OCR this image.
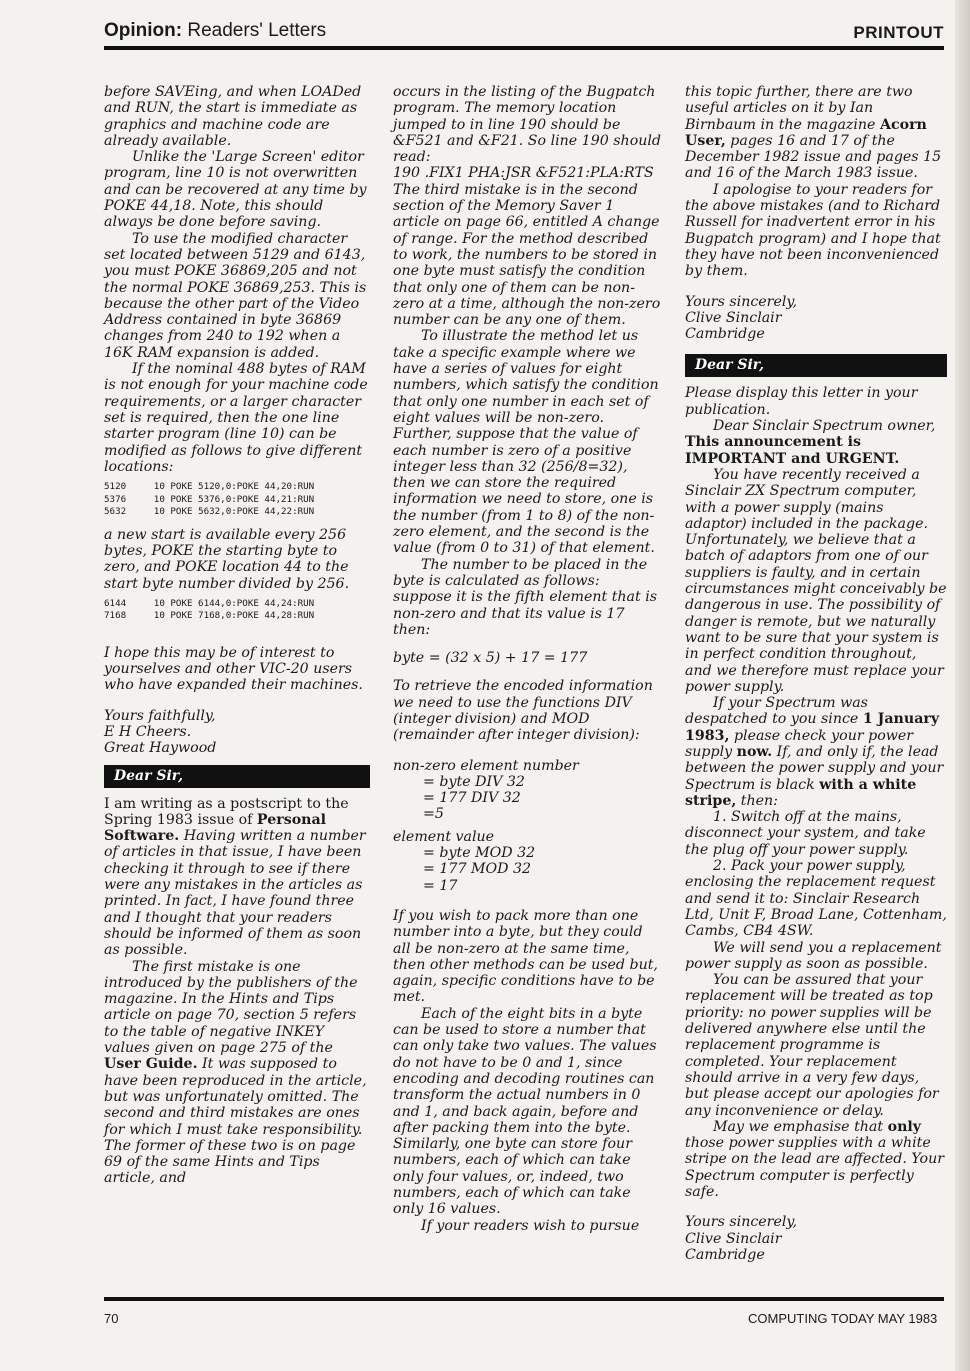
Opinion: Readers' Letters	PRINTOUT

before SAVEing, and when LOADed and RUN, the start is immediate as graphics and machine code are already available.

Unlike the 'Large Screen' editor program, line 10 is not overwritten and can be recovered at any time by POKE 44,18. Note, this should always be done before saving.

To use the modified character set located between 5129 and 6143, you must POKE 36869,205 and not the normal POKE 36869,253. This is because the other part of the Video Address contained in byte 36869 changes from 240 to 192 when a 16K RAM expansion is added.

If the nominal 488 bytes of RAM is not enough for your machine code requirements, or a larger character set is required, then the one line starter program (line 10) can be modified as follows to give different locations:

5120     10 POKE 5120,0:POKE 44,20:RUN
5376     10 POKE 5376,0:POKE 44,21:RUN
5632     10 POKE 5632,0:POKE 44,22:RUN

a new start is available every 256 bytes, POKE the starting byte to zero, and POKE location 44 to the start byte number divided by 256.

6144     10 POKE 6144,0:POKE 44,24:RUN
7168     10 POKE 7168,0:POKE 44,28:RUN

I hope this may be of interest to yourselves and other VIC-20 users who have expanded their machines.

Yours faithfully,

E H Cheers.

Great Haywood

Dear Sir,

I am writing as a postscript to the Spring 1983 issue of Personal Software. Having written a number of articles in that issue, I have been checking it through to see if there were any mistakes in the articles as printed. In fact, I have found three and I thought that your readers should be informed of them as soon as possible.

The first mistake is one introduced by the publishers of the magazine. In the Hints and Tips article on page 70, section 5 refers to the table of negative INKEY values given on page 275 of the User Guide. It was supposed to have been reproduced in the article, but was unfortunately omitted. The second and third mistakes are ones for which I must take responsibility. The former of these two is on page 69 of the same Hints and Tips article, and

occurs in the listing of the Bugpatch program. The memory location jumped to in line 190 should be &F521 and &F21. So line 190 should read:

190 .FIX1 PHA:JSR &F521:PLA:RTS

The third mistake is in the second section of the Memory Saver 1 article on page 66, entitled A change of range. For the method described to work, the numbers to be stored in one byte must satisfy the condition that only one of them can be non-zero at a time, although the non-zero number can be any one of them.

To illustrate the method let us take a specific example where we have a series of values for eight numbers, which satisfy the condition that only one number in each set of eight values will be non-zero. Further, suppose that the value of each number is zero of a positive integer less than 32 (256/8=32), then we can store the required information we need to store, one is the number (from 1 to 8) of the non-zero element, and the second is the value (from 0 to 31) of that element.

The number to be placed in the byte is calculated as follows: suppose it is the fifth element that is non-zero and that its value is 17 then:

byte = (32 x 5) + 17 = 177

To retrieve the encoded information we need to use the functions DIV (integer division) and MOD (remainder after integer division):

non-zero element number

= byte DIV 32

= 177 DIV 32

=5

element value

= byte MOD 32

= 177 MOD 32

= 17

If you wish to pack more than one number into a byte, but they could all be non-zero at the same time, then other methods can be used but, again, specific conditions have to be met.

Each of the eight bits in a byte can be used to store a number that can only take two values. The values do not have to be 0 and 1, since encoding and decoding routines can transform the actual numbers in 0 and 1, and back again, before and after packing them into the byte. Similarly, one byte can store four numbers, each of which can take only four values, or, indeed, two numbers, each of which can take only 16 values.

If your readers wish to pursue

this topic further, there are two useful articles on it by Ian Birnbaum in the magazine Acorn User, pages 16 and 17 of the December 1982 issue and pages 15 and 16 of the March 1983 issue.

I apologise to your readers for the above mistakes (and to Richard Russell for inadvertent error in his Bugpatch program) and I hope that they have not been inconvenienced by them.

Yours sincerely,

Clive Sinclair

Cambridge

Dear Sir,

Please display this letter in your publication.

Dear Sinclair Spectrum owner, This announcement is IMPORTANT and URGENT.

You have recently received a Sinclair ZX Spectrum computer, with a power supply (mains adaptor) included in the package. Unfortunately, we believe that a batch of adaptors from one of our suppliers is faulty, and in certain circumstances might conceivably be dangerous in use. The possibility of danger is remote, but we naturally want to be sure that your system is in perfect condition throughout, and we therefore must replace your power supply.

If your Spectrum was despatched to you since 1 January 1983, please check your power supply now. If, and only if, the lead between the power supply and your Spectrum is black with a white stripe, then:

1. Switch off at the mains, disconnect your system, and take the plug off your power supply.

2. Pack your power supply, enclosing the replacement request and send it to: Sinclair Research Ltd, Unit F, Broad Lane, Cottenham, Cambs, CB4 4SW.

We will send you a replacement power supply as soon as possible.

You can be assured that your replacement will be treated as top priority: no power supplies will be delivered anywhere else until the replacement programme is completed. Your replacement should arrive in a very few days, but please accept our apologies for any inconvenience or delay.

May we emphasise that only those power supplies with a white stripe on the lead are affected. Your Spectrum computer is perfectly safe.

Yours sincerely,

Clive Sinclair

Cambridge

70	COMPUTING TODAY MAY 1983
